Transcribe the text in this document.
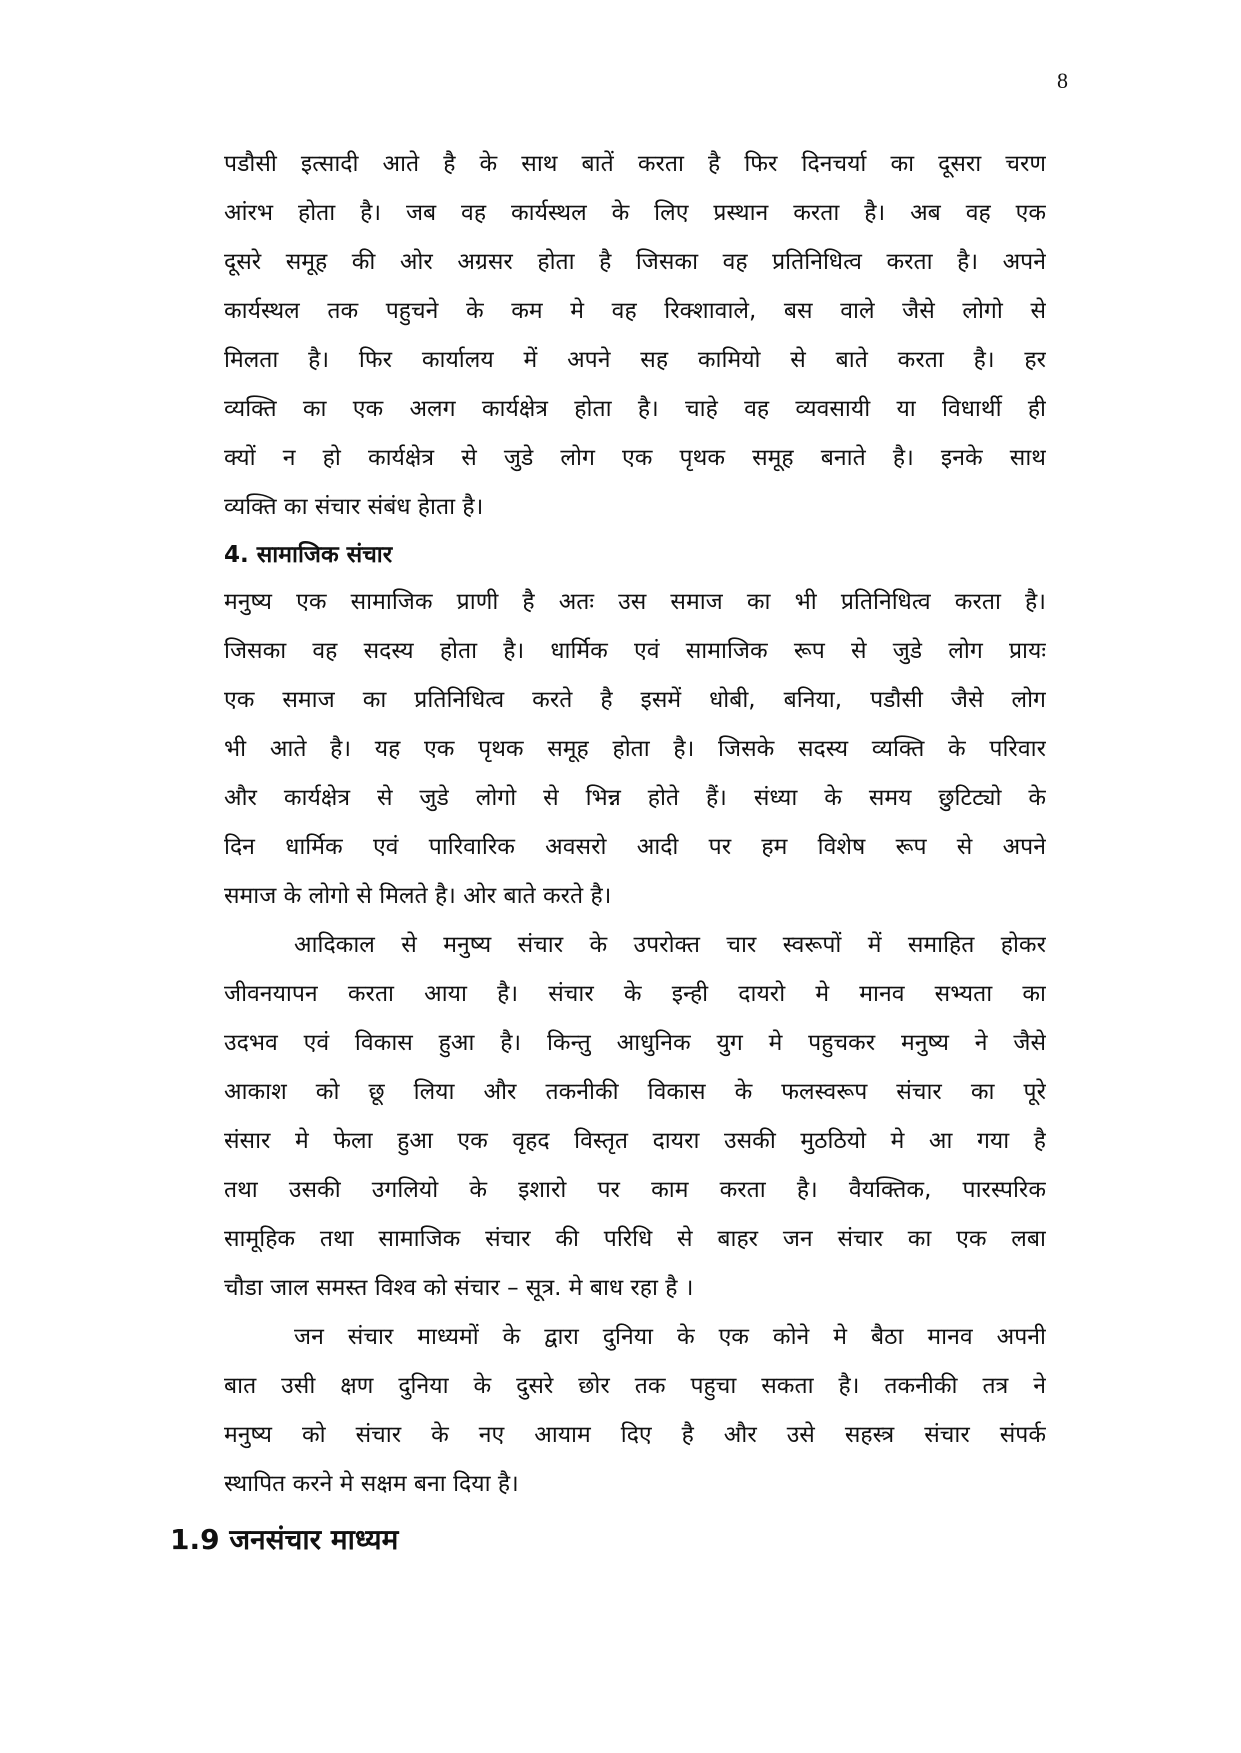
8
पडौसी इत्सादी आते है के साथ बातें करता है फिर दिनचर्या का दूसरा चरण
आंरभ होता है। जब वह कार्यस्थल के लिए प्रस्थान करता है। अब वह एक
दूसरे समूह की ओर अग्रसर होता है जिसका वह प्रतिनिधित्व करता है। अपने
कार्यस्थल तक पहुचने के कम मे वह रिक्शावाले, बस वाले जैसे लोगो से
मिलता है। फिर कार्यालय में अपने सह कामियो से बाते करता है। हर
व्यक्ति का एक अलग कार्यक्षेत्र होता है। चाहे वह व्यवसायी या विधार्थी ही
क्यों न हो कार्यक्षेत्र से जुडे लोग एक पृथक समूह बनाते है। इनके साथ
व्यक्ति का संचार संबंध हेाता है।
4. सामाजिक संचार
मनुष्य एक सामाजिक प्राणी है अतः उस समाज का भी प्रतिनिधित्व करता है।
जिसका वह सदस्य होता है। धार्मिक एवं सामाजिक रूप से जुडे लोग प्रायः
एक समाज का प्रतिनिधित्व करते है इसमें धोबी, बनिया, पडौसी जैसे लोग
भी आते है। यह एक पृथक समूह होता है। जिसके सदस्य व्यक्ति के परिवार
और कार्यक्षेत्र से जुडे लोगो से भिन्न होते हैं। संध्या के समय छुटिट्यो के
दिन धार्मिक एवं पारिवारिक अवसरो आदी पर हम विशेष रूप से अपने
समाज के लोगो से मिलते है। ओर बाते करते है।
आदिकाल से मनुष्य संचार के उपरोक्त चार स्वरूपों में समाहित होकर
जीवनयापन करता आया है। संचार के इन्ही दायरो मे मानव सभ्यता का
उदभव एवं विकास हुआ है। किन्तु आधुनिक युग मे पहुचकर मनुष्य ने जैसे
आकाश को छू लिया और तकनीकी विकास के फलस्वरूप संचार का पूरे
संसार मे फेला हुआ एक वृहद विस्तृत दायरा उसकी मुठठियो मे आ गया है
तथा उसकी उगलियो के इशारो पर काम करता है। वैयक्तिक, पारस्परिक
सामूहिक तथा सामाजिक संचार की परिधि से बाहर जन संचार का एक लबा
चौडा जाल समस्त विश्व को संचार – सूत्र. मे बाध रहा है ।
जन संचार माध्यमों के द्वारा दुनिया के एक कोने मे बैठा मानव अपनी
बात उसी क्षण दुनिया के दुसरे छोर तक पहुचा सकता है। तकनीकी तत्र ने
मनुष्य को संचार के नए आयाम दिए है और उसे सहस्त्र संचार संपर्क
स्थापित करने मे सक्षम बना दिया है।
1.9 जनसंचार माध्यम
